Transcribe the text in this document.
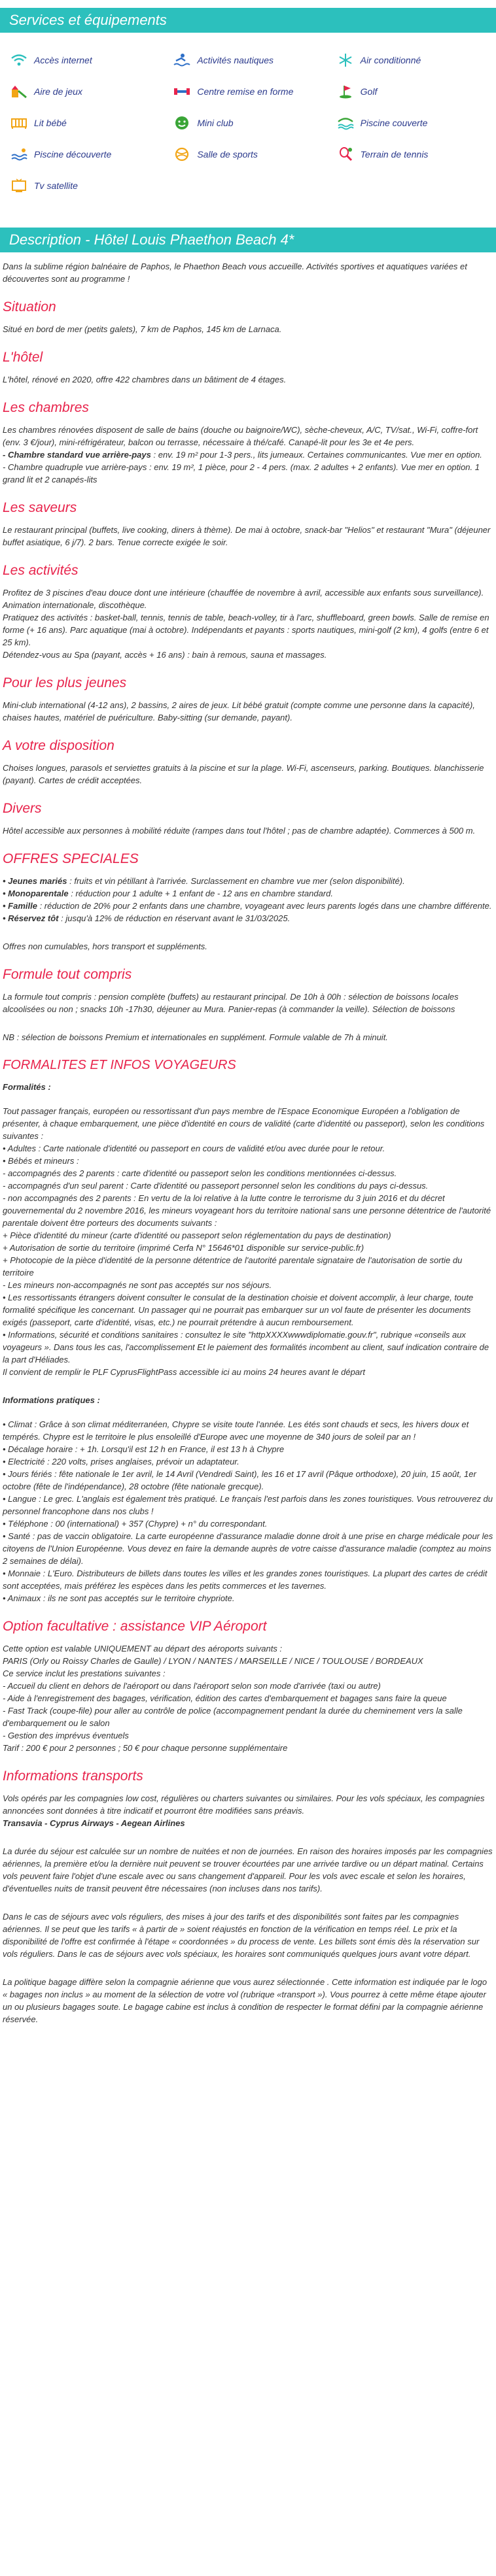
Services et équipements
Accès internet	Activités nautiques	Air conditionné
Aire de jeux	Centre remise en forme	Golf
Lit bébé	Mini club	Piscine couverte
Piscine découverte	Salle de sports	Terrain de tennis
Tv satellite
Description - Hôtel Louis Phaethon Beach 4*

Dans la sublime région balnéaire de Paphos, le Phaethon Beach vous accueille. Activités sportives et aquatiques variées et découvertes sont au programme !

Situation

Situé en bord de mer (petits galets), 7 km de Paphos, 145 km de Larnaca.

L'hôtel

L'hôtel, rénové en 2020, offre 422 chambres dans un bâtiment de 4 étages.

Les chambres

Les chambres rénovées disposent de salle de bains (douche ou baignoire/WC), sèche-cheveux, A/C, TV/sat., Wi-Fi, coffre-fort (env. 3 €/jour), mini-réfrigérateur, balcon ou terrasse, nécessaire à thé/café. Canapé-lit pour les 3e et 4e pers.
- Chambre standard vue arrière-pays : env. 19 m² pour 1-3 pers., lits jumeaux. Certaines communicantes. Vue mer en option.
- Chambre quadruple vue arrière-pays : env. 19 m², 1 pièce, pour 2 - 4 pers. (max. 2 adultes + 2 enfants). Vue mer en option. 1 grand lit et 2 canapés-lits

Les saveurs

Le restaurant principal (buffets, live cooking, diners à thème). De mai à octobre, snack-bar "Helios" et restaurant "Mura" (déjeuner buffet asiatique, 6 j/7). 2 bars. Tenue correcte exigée le soir.

Les activités

Profitez de 3 piscines d'eau douce dont une intérieure (chauffée de novembre à avril, accessible aux enfants sous surveillance). Animation internationale, discothèque.
Pratiquez des activités : basket-ball, tennis, tennis de table, beach-volley, tir à l'arc, shuffleboard, green bowls. Salle de remise en forme (+ 16 ans). Parc aquatique (mai à octobre). Indépendants et payants : sports nautiques, mini-golf (2 km), 4 golfs (entre 6 et 25 km).
Détendez-vous au Spa (payant, accès + 16 ans) : bain à remous, sauna et massages.

Pour les plus jeunes

Mini-club international (4-12 ans), 2 bassins, 2 aires de jeux. Lit bébé gratuit (compte comme une personne dans la capacité), chaises hautes, matériel de puériculture. Baby-sitting (sur demande, payant).

A votre disposition

Choises longues, parasols et serviettes gratuits à la piscine et sur la plage. Wi-Fi, ascenseurs, parking. Boutiques. blanchisserie (payant). Cartes de crédit acceptées.

Divers

Hôtel accessible aux personnes à mobilité réduite (rampes dans tout l'hôtel ; pas de chambre adaptée). Commerces à 500 m.

OFFRES SPECIALES
• Jeunes mariés : fruits et vin pétillant à l'arrivée. Surclassement en chambre vue mer (selon disponibilité).
• Monoparentale : réduction pour 1 adulte + 1 enfant de - 12 ans en chambre standard.
• Famille : réduction de 20% pour 2 enfants dans une chambre, voyageant avec leurs parents logés dans une chambre différente.
• Réservez tôt : jusqu'à 12% de réduction en réservant avant le 31/03/2025.

Offres non cumulables, hors transport et suppléments.

Formule tout compris

La formule tout compris : pension complète (buffets) au restaurant principal. De 10h à 00h : sélection de boissons locales alcoolisées ou non ; snacks 10h -17h30, déjeuner au Mura. Panier-repas (à commander la veille). Sélection de boissons

NB : sélection de boissons Premium et internationales en supplément. Formule valable de 7h à minuit.

FORMALITES ET INFOS VOYAGEURS

Formalités :

Tout passager français, européen ou ressortissant d'un pays membre de l'Espace Economique Européen a l'obligation de présenter, à chaque embarquement, une pièce d'identité en cours de validité (carte d'identité ou passeport), selon les conditions suivantes :
• Adultes : Carte nationale d'identité ou passeport en cours de validité et/ou avec durée pour le retour.
• Bébés et mineurs :
- accompagnés des 2 parents : carte d'identité ou passeport selon les conditions mentionnées ci-dessus.
- accompagnés d'un seul parent : Carte d'identité ou passeport personnel selon les conditions du pays ci-dessus.
- non accompagnés des 2 parents : En vertu de la loi relative à la lutte contre le terrorisme du 3 juin 2016 et du décret gouvernemental du 2 novembre 2016, les mineurs voyageant hors du territoire national sans une personne détentrice de l'autorité parentale doivent être porteurs des documents suivants :
+ Pièce d'identité du mineur (carte d'identité ou passeport selon réglementation du pays de destination)
+ Autorisation de sortie du territoire (imprimé Cerfa N° 15646*01 disponible sur service-public.fr)
+ Photocopie de la pièce d'identité de la personne détentrice de l'autorité parentale signataire de l'autorisation de sortie du territoire
- Les mineurs non-accompagnés ne sont pas acceptés sur nos séjours.
• Les ressortissants étrangers doivent consulter le consulat de la destination choisie et doivent accomplir, à leur charge, toute formalité spécifique les concernant. Un passager qui ne pourrait pas embarquer sur un vol faute de présenter les documents exigés (passeport, carte d'identité, visas, etc.) ne pourrait prétendre à aucun remboursement.
• Informations, sécurité et conditions sanitaires : consultez le site "httpXXXXwwwdiplomatie.gouv.fr", rubrique «conseils aux voyageurs ». Dans tous les cas, l'accomplissement Et le paiement des formalités incombent au client, sauf indication contraire de la part d'Héliades.
Il convient de remplir le PLF CyprusFlightPass accessible ici au moins 24 heures avant le départ

Informations pratiques :

• Climat : Grâce à son climat méditerranéen, Chypre se visite toute l'année. Les étés sont chauds et secs, les hivers doux et tempérés. Chypre est le territoire le plus ensoleillé d'Europe avec une moyenne de 340 jours de soleil par an !
• Décalage horaire : + 1h. Lorsqu'il est 12 h en France, il est 13 h à Chypre
• Electricité : 220 volts, prises anglaises, prévoir un adaptateur.
• Jours fériés : fête nationale le 1er avril, le 14 Avril (Vendredi Saint), les 16 et 17 avril (Pâque orthodoxe), 20 juin, 15 août, 1er octobre (fête de l'indépendance), 28 octobre (fête nationale grecque).
• Langue : Le grec. L'anglais est également très pratiqué. Le français l'est parfois dans les zones touristiques. Vous retrouverez du personnel francophone dans nos clubs !
• Téléphone : 00 (international) + 357 (Chypre) + n° du correspondant.
• Santé : pas de vaccin obligatoire. La carte européenne d'assurance maladie donne droit à une prise en charge médicale pour les citoyens de l'Union Européenne. Vous devez en faire la demande auprès de votre caisse d'assurance maladie (comptez au moins 2 semaines de délai).
• Monnaie : L'Euro. Distributeurs de billets dans toutes les villes et les grandes zones touristiques. La plupart des cartes de crédit sont acceptées, mais préférez les espèces dans les petits commerces et les tavernes.
• Animaux : ils ne sont pas acceptés sur le territoire chypriote.
Option facultative : assistance VIP Aéroport
Cette option est valable UNIQUEMENT au départ des aéroports suivants :
PARIS (Orly ou Roissy Charles de Gaulle) / LYON / NANTES / MARSEILLE / NICE / TOULOUSE / BORDEAUX
Ce service inclut les prestations suivantes :
- Accueil du client en dehors de l'aéroport ou dans l'aéroport selon son mode d'arrivée (taxi ou autre)
- Aide à l'enregistrement des bagages, vérification, édition des cartes d'embarquement et bagages sans faire la queue
- Fast Track (coupe-file) pour aller au contrôle de police (accompagnement pendant la durée du cheminement vers la salle d'embarquement ou le salon
- Gestion des imprévus éventuels
Tarif : 200 € pour 2 personnes ; 50 € pour chaque personne supplémentaire
Informations transports

Vols opérés par les compagnies low cost, régulières ou charters suivantes ou similaires. Pour les vols spéciaux, les compagnies annoncées sont données à titre indicatif et pourront être modifiées sans préavis.
Transavia - Cyprus Airways - Aegean Airlines

La durée du séjour est calculée sur un nombre de nuitées et non de journées. En raison des horaires imposés par les compagnies aériennes, la première et/ou la dernière nuit peuvent se trouver écourtées par une arrivée tardive ou un départ matinal. Certains vols peuvent faire l'objet d'une escale avec ou sans changement d'appareil. Pour les vols avec escale et selon les horaires, d'éventuelles nuits de transit peuvent être nécessaires (non incluses dans nos tarifs).

Dans le cas de séjours avec vols réguliers, des mises à jour des tarifs et des disponibilités sont faites par les compagnies aériennes. Il se peut que les tarifs « à partir de » soient réajustés en fonction de la vérification en temps réel. Le prix et la disponibilité de l'offre est confirmée à l'étape « coordonnées » du process de vente. Les billets sont émis dès la réservation sur vols réguliers. Dans le cas de séjours avec vols spéciaux, les horaires sont communiqués quelques jours avant votre départ.

La politique bagage diffère selon la compagnie aérienne que vous aurez sélectionnée . Cette information est indiquée par le logo « bagages non inclus » au moment de la sélection de votre vol (rubrique «transport »). Vous pourrez à cette même étape ajouter un ou plusieurs bagages soute. Le bagage cabine est inclus à condition de respecter le format défini par la compagnie aérienne réservée.
